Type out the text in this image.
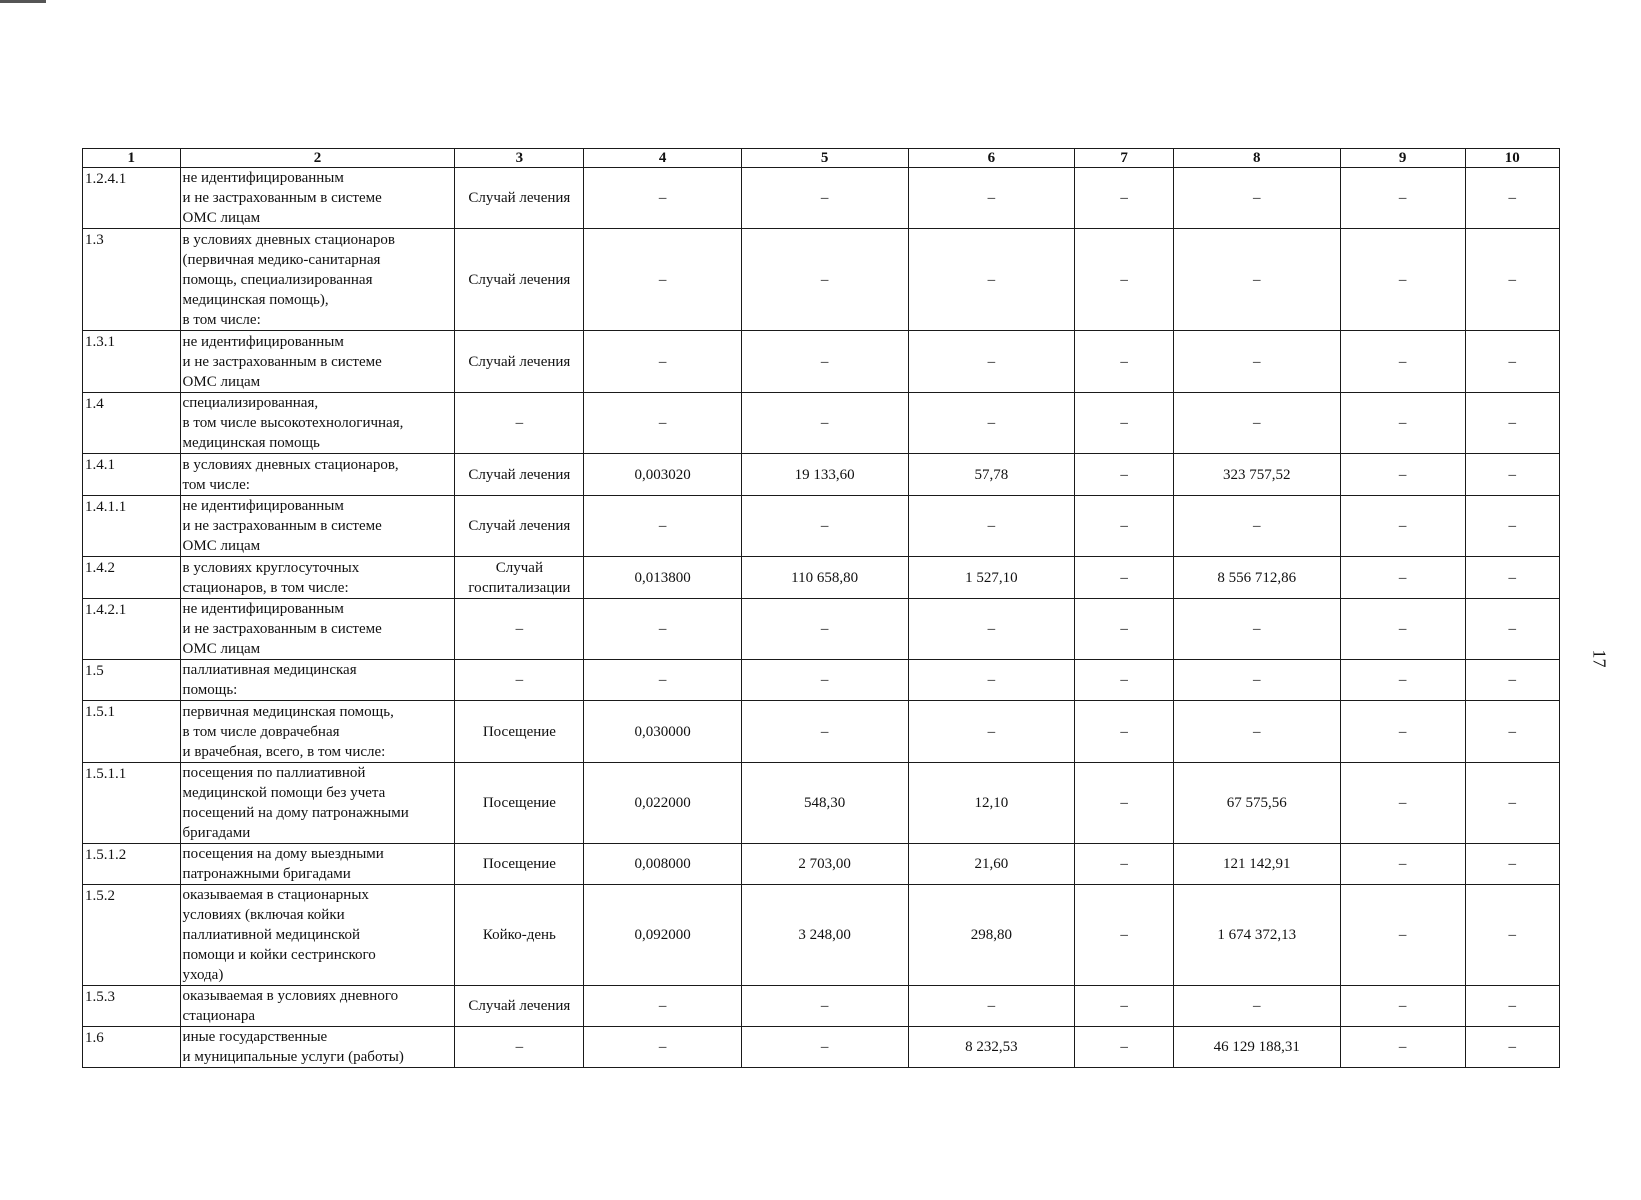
1	2	3	4	5	6	7	8	9	10
1.2.4.1	не идентифицированным
и не застрахованным в системе
ОМС лицам	Случай лечения	–	–	–	–	–	–	–
1.3	в условиях дневных стационаров
(первичная медико-санитарная
помощь, специализированная
медицинская помощь),
в том числе:	Случай лечения	–	–	–	–	–	–	–
1.3.1	не идентифицированным
и не застрахованным в системе
ОМС лицам	Случай лечения	–	–	–	–	–	–	–
1.4	специализированная,
в том числе высокотехнологичная,
медицинская помощь	–	–	–	–	–	–	–	–
1.4.1	в условиях дневных стационаров,
том числе:	Случай лечения	0,003020	19 133,60	57,78	–	323 757,52	–	–
1.4.1.1	не идентифицированным
и не застрахованным в системе
ОМС лицам	Случай лечения	–	–	–	–	–	–	–
1.4.2	в условиях круглосуточных
стационаров, в том числе:	Случай госпитализации	0,013800	110 658,80	1 527,10	–	8 556 712,86	–	–
1.4.2.1	не идентифицированным
и не застрахованным в системе
ОМС лицам	–	–	–	–	–	–	–	–
1.5	паллиативная медицинская
помощь:	–	–	–	–	–	–	–	–
1.5.1	первичная медицинская помощь,
в том числе доврачебная
и врачебная, всего, в том числе:	Посещение	0,030000	–	–	–	–	–	–
1.5.1.1	посещения по паллиативной
медицинской помощи без учета
посещений на дому патронажными
бригадами	Посещение	0,022000	548,30	12,10	–	67 575,56	–	–
1.5.1.2	посещения на дому выездными
патронажными бригадами	Посещение	0,008000	2 703,00	21,60	–	121 142,91	–	–
1.5.2	оказываемая в стационарных
условиях (включая койки
паллиативной медицинской
помощи и койки сестринского
ухода)	Койко-день	0,092000	3 248,00	298,80	–	1 674 372,13	–	–
1.5.3	оказываемая в условиях дневного
стационара	Случай лечения	–	–	–	–	–	–	–
1.6	иные государственные
и муниципальные услуги (работы)	–	–	–	8 232,53	–	46 129 188,31	–	–
17
